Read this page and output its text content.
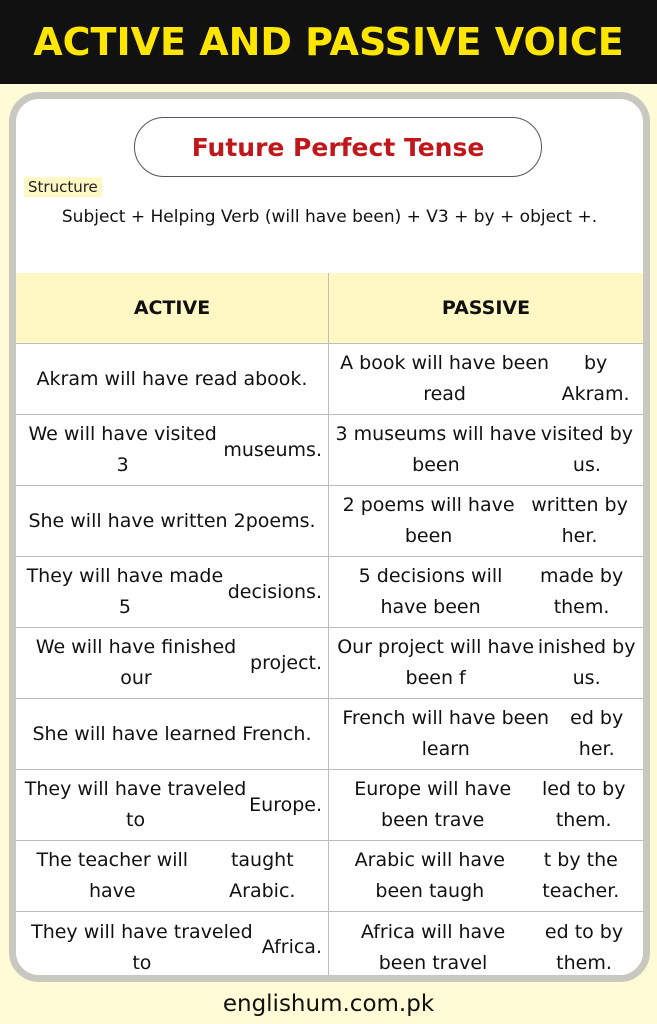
ACTIVE AND PASSIVE VOICE
Future Perfect Tense
Structure
Subject + Helping Verb (will have been) + V3 + by + object +.
ACTIVE	PASSIVE
Akram will have read a book.
A book will have been read

by Akram.
We will have visited 3

museums.
3 museums will have been

visited by us.
She will have written 2 poems.
2 poems will have been

written by her.
They will have made 5

decisions.
5 decisions will have been

made by them.
We will have finished our

project.
Our project will have been f

inished by us.
She will have learned Frenc h.
French will have been learn

ed by her.
They will have traveled to

Europe.
Europe will have been trave

led to by them.
The teacher will have

taught Arabic.
Arabic will have been taugh

t by the teacher.
They will have traveled to

Africa.
Africa will have been travel

ed to by them.
englishum.com.pk
